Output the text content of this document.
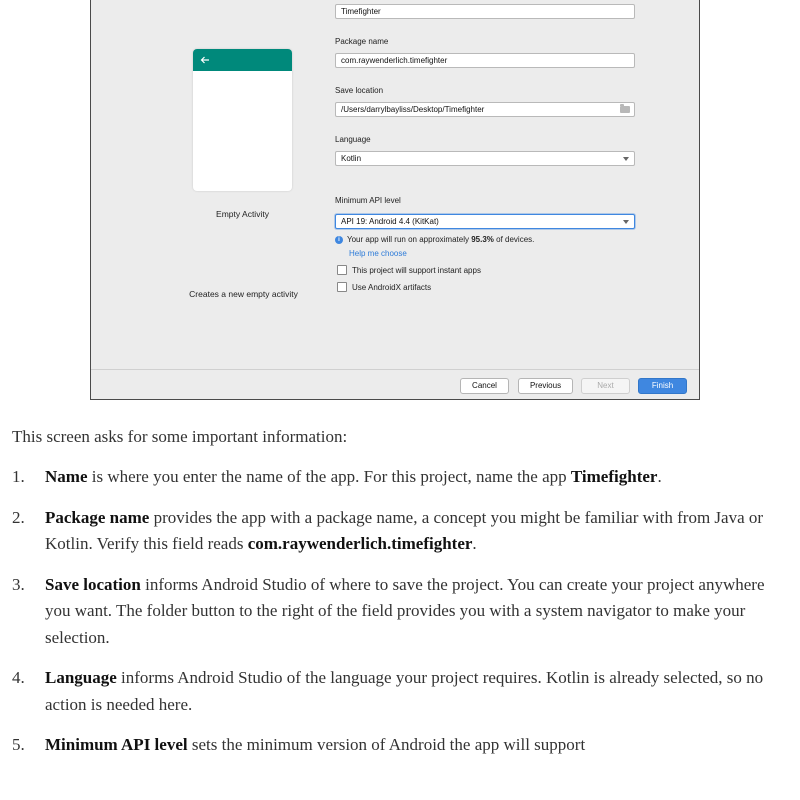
Empty Activity
Creates a new empty activity
Timefighter
Package name
com.raywenderlich.timefighter
Save location
/Users/darrylbayliss/Desktop/Timefighter
Language
Kotlin
Minimum API level
API 19: Android 4.4 (KitKat)
i Your app will run on approximately 95.3% of devices.
Help me choose
This project will support instant apps
Use AndroidX artifacts
Cancel	Previous	Next	Finish
This screen asks for some important information:
1. Name is where you enter the name of the app. For this project, name the app Timefighter.
2. Package name provides the app with a package name, a concept you might be familiar with from Java or Kotlin. Verify this field reads com.raywenderlich.timefighter.
3. Save location informs Android Studio of where to save the project. You can create your project anywhere you want. The folder button to the right of the field provides you with a system navigator to make your selection.
4. Language informs Android Studio of the language your project requires. Kotlin is already selected, so no action is needed here.
5. Minimum API level sets the minimum version of Android the app will support
